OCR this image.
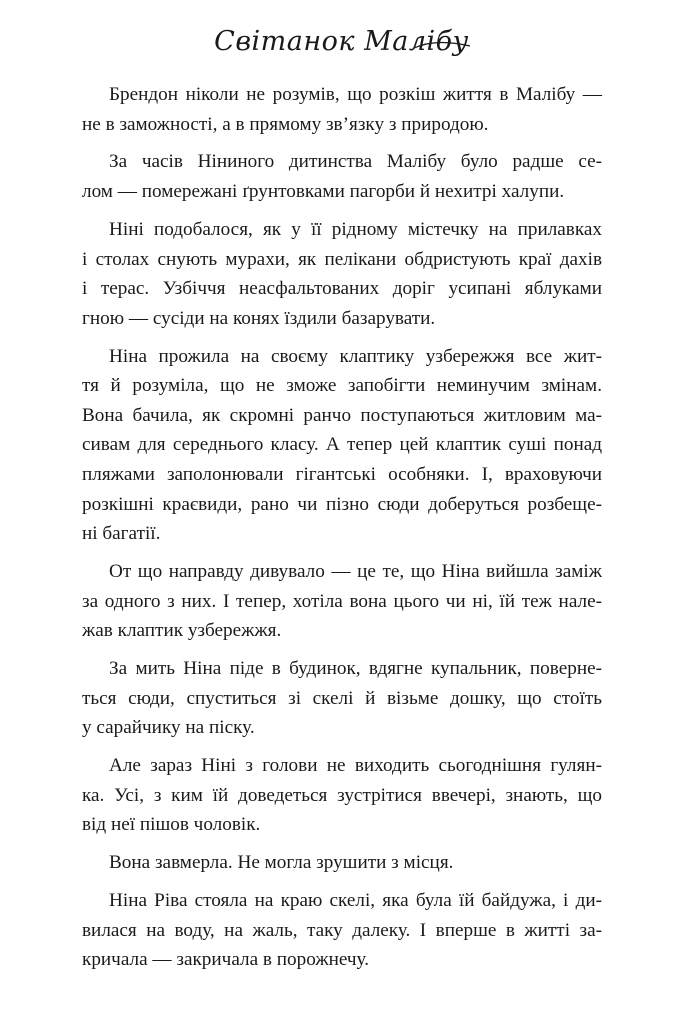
Світанок Малібу

Брендон ніколи не розумів, що розкіш життя в Малібу —
не в заможності, а в прямому зв’язку з природою.

За часів Ніниного дитинства Малібу було радше се-
лом — помережані ґрунтовками пагорби й нехитрі халупи.

Ніні подобалося, як у її рідному містечку на прилавках
і столах снують мурахи, як пелікани обдристують краї дахів
і терас. Узбіччя неасфальтованих доріг усипані яблуками
гною — сусіди на конях їздили базарувати.

Ніна прожила на своєму клаптику узбережжя все жит-
тя й розуміла, що не зможе запобігти неминучим змінам.
Вона бачила, як скромні ранчо поступаються житловим ма-
сивам для середнього класу. А тепер цей клаптик суші понад
пляжами заполонювали гігантські особняки. І, враховуючи
розкішні краєвиди, рано чи пізно сюди доберуться розбеще-
ні багатії.

От що направду дивувало — це те, що Ніна вийшла заміж
за одного з них. І тепер, хотіла вона цього чи ні, їй теж нале-
жав клаптик узбережжя.

За мить Ніна піде в будинок, вдягне купальник, поверне-
ться сюди, спуститься зі скелі й візьме дошку, що стоїть
у сарайчику на піску.

Але зараз Ніні з голови не виходить сьогоднішня гулян-
ка. Усі, з ким їй доведеться зустрітися ввечері, знають, що
від неї пішов чоловік.

Вона завмерла. Не могла зрушити з місця.

Ніна Ріва стояла на краю скелі, яка була їй байдужа, і ди-
вилася на воду, на жаль, таку далеку. І вперше в житті за-
кричала — закричала в порожнечу.
